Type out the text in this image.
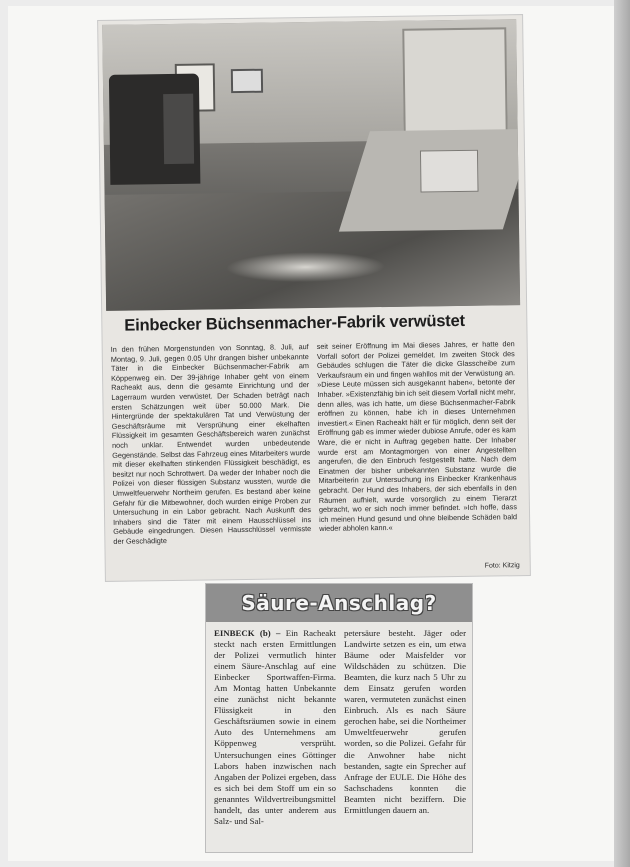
Einbecker Büchsenmacher-Fabrik verwüstet
In den frühen Morgenstunden von Sonntag, 8. Juli, auf Montag, 9. Juli, gegen 0.05 Uhr drangen bisher unbekannte Täter in die Einbecker Büchsenmacher-Fabrik am Köppenweg ein. Der 39-jährige Inhaber geht von einem Racheakt aus, denn die gesamte Einrichtung und der Lagerraum wurden verwüstet. Der Schaden beträgt nach ersten Schätzungen weit über 50.000 Mark. Die Hintergründe der spektakulären Tat und Verwüstung der Geschäftsräume mit Versprühung einer ekelhaften Flüssigkeit im gesamten Geschäftsbereich waren zunächst noch unklar. Entwendet wurden unbedeutende Gegenstände. Selbst das Fahrzeug eines Mitarbeiters wurde mit dieser ekelhaften stinkenden Flüssigkeit beschädigt, es besitzt nur noch Schrottwert. Da weder der Inhaber noch die Polizei von dieser flüssigen Substanz wussten, wurde die Umweltfeuerwehr Northeim gerufen. Es bestand aber keine Gefahr für die Mitbewohner, doch wurden einige Proben zur Untersuchung in ein Labor gebracht. Nach Auskunft des Inhabers sind die Täter mit einem Hausschlüssel ins Gebäude eingedrungen. Diesen Hausschlüssel vermisste der Geschädigte
seit seiner Eröffnung im Mai dieses Jahres, er hatte den Vorfall sofort der Polizei gemeldet. Im zweiten Stock des Gebäudes schlugen die Täter die dicke Glasscheibe zum Verkaufsraum ein und fingen wahllos mit der Verwüstung an. »Diese Leute müssen sich ausgekannt haben«, betonte der Inhaber. »Existenzfähig bin ich seit diesem Vorfall nicht mehr, denn alles, was ich hatte, um diese Büchsenmacher-Fabrik eröffnen zu können, habe ich in dieses Unternehmen investiert.« Einen Racheakt hält er für möglich, denn seit der Eröffnung gab es immer wieder dubiose Anrufe, oder es kam Ware, die er nicht in Auftrag gegeben hatte. Der Inhaber wurde erst am Montagmorgen von einer Angestellten angerufen, die den Einbruch festgestellt hatte. Nach dem Einatmen der bisher unbekannten Substanz wurde die Mitarbeiterin zur Untersuchung ins Einbecker Krankenhaus gebracht. Der Hund des Inhabers, der sich ebenfalls in den Räumen aufhielt, wurde vorsorglich zu einem Tierarzt gebracht, wo er sich noch immer befindet. »Ich hoffe, dass ich meinen Hund gesund und ohne bleibende Schäden bald wieder abholen kann.«
Foto: Kitzig
Säure-Anschlag?
EINBECK (b) – Ein Racheakt steckt nach ersten Ermittlungen der Polizei vermutlich hinter einem Säure-Anschlag auf eine Einbecker Sportwaffen-Firma. Am Montag hatten Unbekannte eine zunächst nicht bekannte Flüssigkeit in den Geschäftsräumen sowie in einem Auto des Unternehmens am Köppenweg versprüht. Untersuchungen eines Göttinger Labors haben inzwischen nach Angaben der Polizei ergeben, dass es sich bei dem Stoff um ein so genanntes Wildvertreibungsmittel handelt, das unter anderem aus Salz- und Sal-
petersäure besteht. Jäger oder Landwirte setzen es ein, um etwa Bäume oder Maisfelder vor Wildschäden zu schützen. Die Beamten, die kurz nach 5 Uhr zu dem Einsatz gerufen worden waren, vermuteten zunächst einen Einbruch. Als es nach Säure gerochen habe, sei die Northeimer Umweltfeuerwehr gerufen worden, so die Polizei. Gefahr für die Anwohner habe nicht bestanden, sagte ein Sprecher auf Anfrage der EULE. Die Höhe des Sachschadens konnten die Beamten nicht beziffern. Die Ermittlungen dauern an.
